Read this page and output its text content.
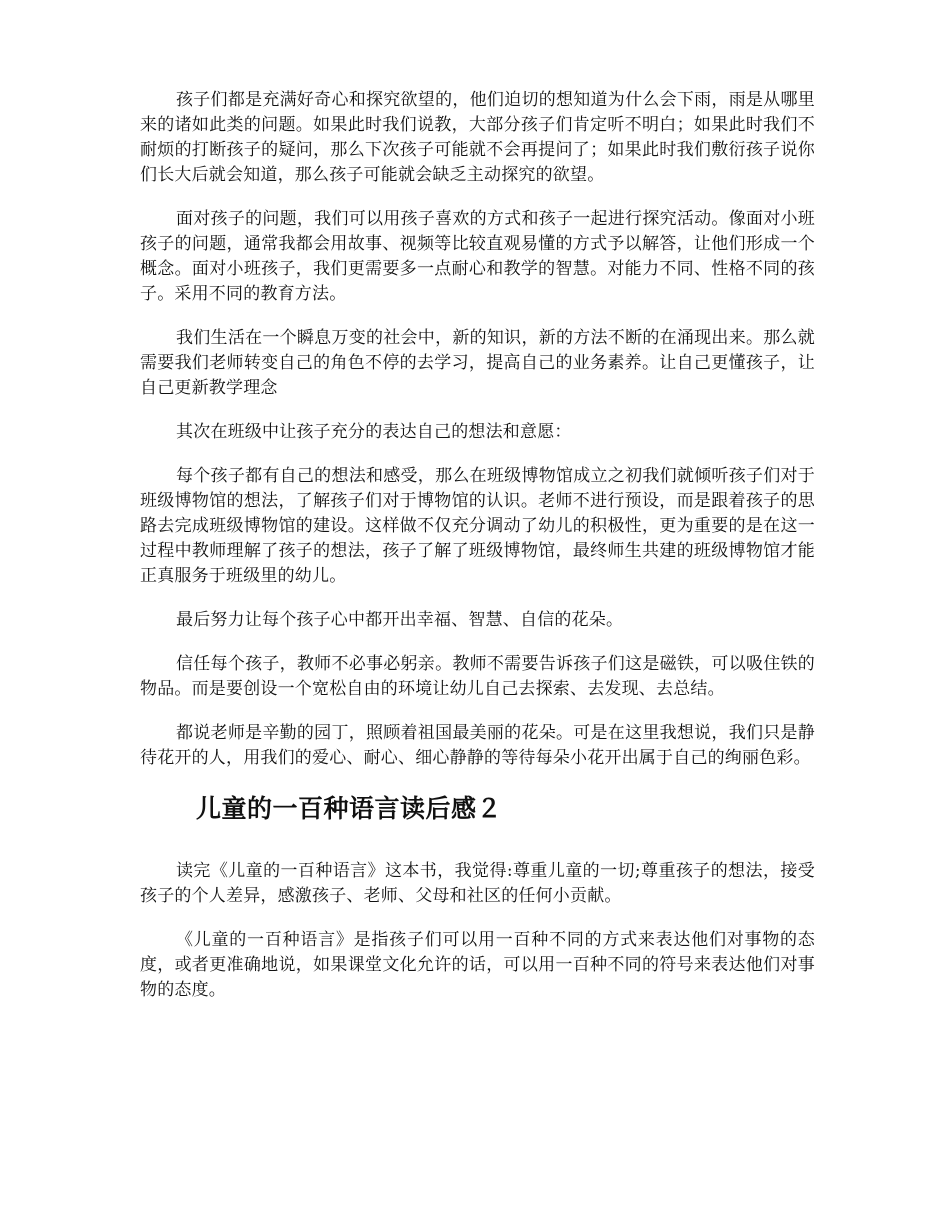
孩子们都是充满好奇心和探究欲望的，他们迫切的想知道为什么会下雨，雨是从哪里来的诸如此类的问题。如果此时我们说教，大部分孩子们肯定听不明白；如果此时我们不耐烦的打断孩子的疑问，那么下次孩子可能就不会再提问了；如果此时我们敷衍孩子说你们长大后就会知道，那么孩子可能就会缺乏主动探究的欲望。

面对孩子的问题，我们可以用孩子喜欢的方式和孩子一起进行探究活动。像面对小班孩子的问题，通常我都会用故事、视频等比较直观易懂的方式予以解答，让他们形成一个概念。面对小班孩子，我们更需要多一点耐心和教学的智慧。对能力不同、性格不同的孩子。采用不同的教育方法。

我们生活在一个瞬息万变的社会中，新的知识，新的方法不断的在涌现出来。那么就需要我们老师转变自己的角色不停的去学习，提高自己的业务素养。让自己更懂孩子，让自己更新教学理念

其次在班级中让孩子充分的表达自己的想法和意愿：

每个孩子都有自己的想法和感受，那么在班级博物馆成立之初我们就倾听孩子们对于班级博物馆的想法，了解孩子们对于博物馆的认识。老师不进行预设，而是跟着孩子的思路去完成班级博物馆的建设。这样做不仅充分调动了幼儿的积极性，更为重要的是在这一过程中教师理解了孩子的想法，孩子了解了班级博物馆，最终师生共建的班级博物馆才能正真服务于班级里的幼儿。

最后努力让每个孩子心中都开出幸福、智慧、自信的花朵。

信任每个孩子，教师不必事必躬亲。教师不需要告诉孩子们这是磁铁，可以吸住铁的物品。而是要创设一个宽松自由的环境让幼儿自己去探索、去发现、去总结。

都说老师是辛勤的园丁，照顾着祖国最美丽的花朵。可是在这里我想说，我们只是静待花开的人，用我们的爱心、耐心、细心静静的等待每朵小花开出属于自己的绚丽色彩。

儿童的一百种语言读后感２

读完《儿童的一百种语言》这本书，我觉得:尊重儿童的一切;尊重孩子的想法，接受孩子的个人差异，感激孩子、老师、父母和社区的任何小贡献。

《儿童的一百种语言》是指孩子们可以用一百种不同的方式来表达他们对事物的态度，或者更准确地说，如果课堂文化允许的话，可以用一百种不同的符号来表达他们对事物的态度。
